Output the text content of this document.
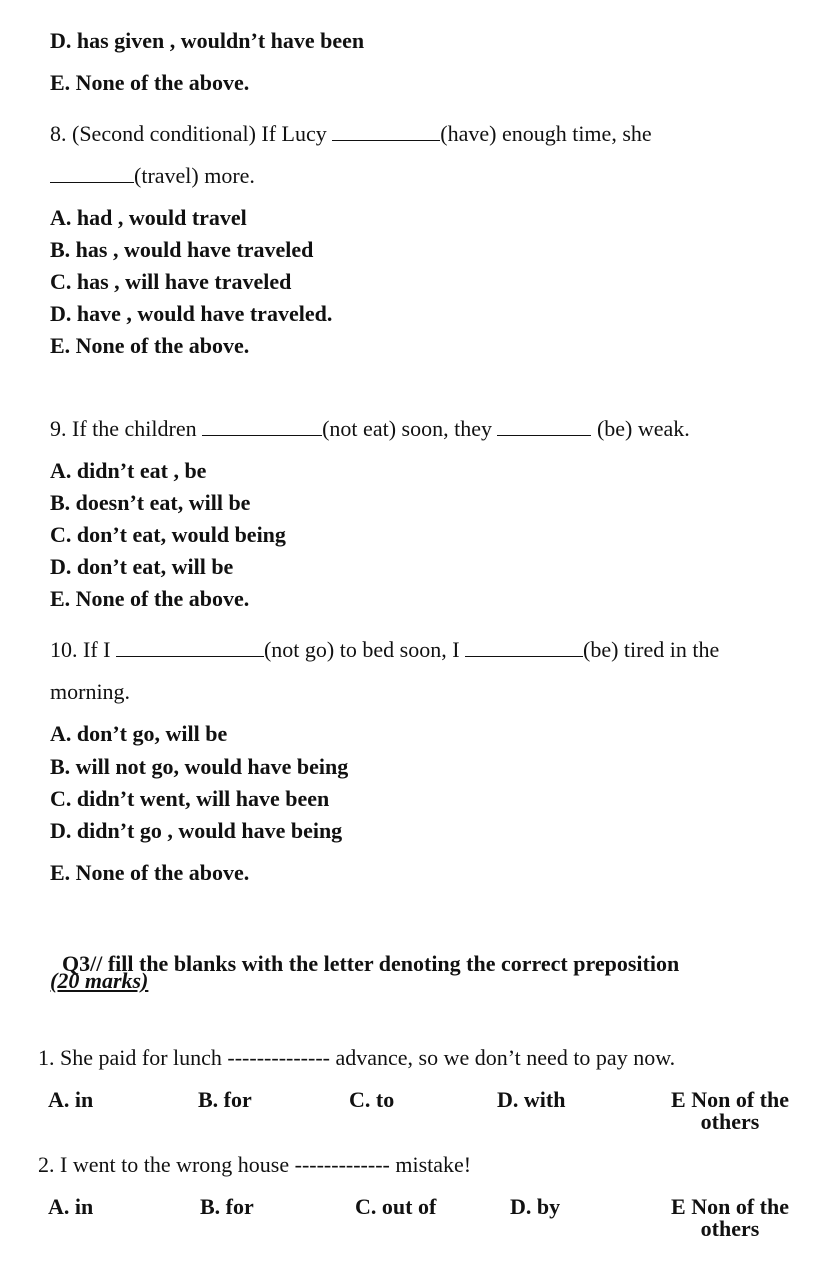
D. has given , wouldn’t have been

E. None of the above.

8. (Second conditional) If Lucy	(have) enough time, she

(travel) more.

A. had , would travel

B. has , would have traveled

C. has , will have traveled

D. have , would have traveled.

E. None of the above.

9. If the children	(not eat) soon, they	(be) weak.

A. didn’t eat , be

B. doesn’t eat, will be

C. don’t eat, would being

D. don’t eat, will be

E. None of the above.

10. If I	(not go) to bed soon, I	(be) tired in the

morning.

A. don’t go, will be

B. will not go, would have being

C. didn’t went, will have been

D. didn’t go , would have being

E. None of the above.

Q3// fill the blanks with the letter denoting the correct preposition

(20 marks)

1. She paid for lunch -------------- advance, so we don’t need to pay now.

A. in	B. for	C. to	D. with	E Non of the others

2. I went to the wrong house ------------- mistake!

A. in	B. for	C. out of	D. by	E Non of the others
